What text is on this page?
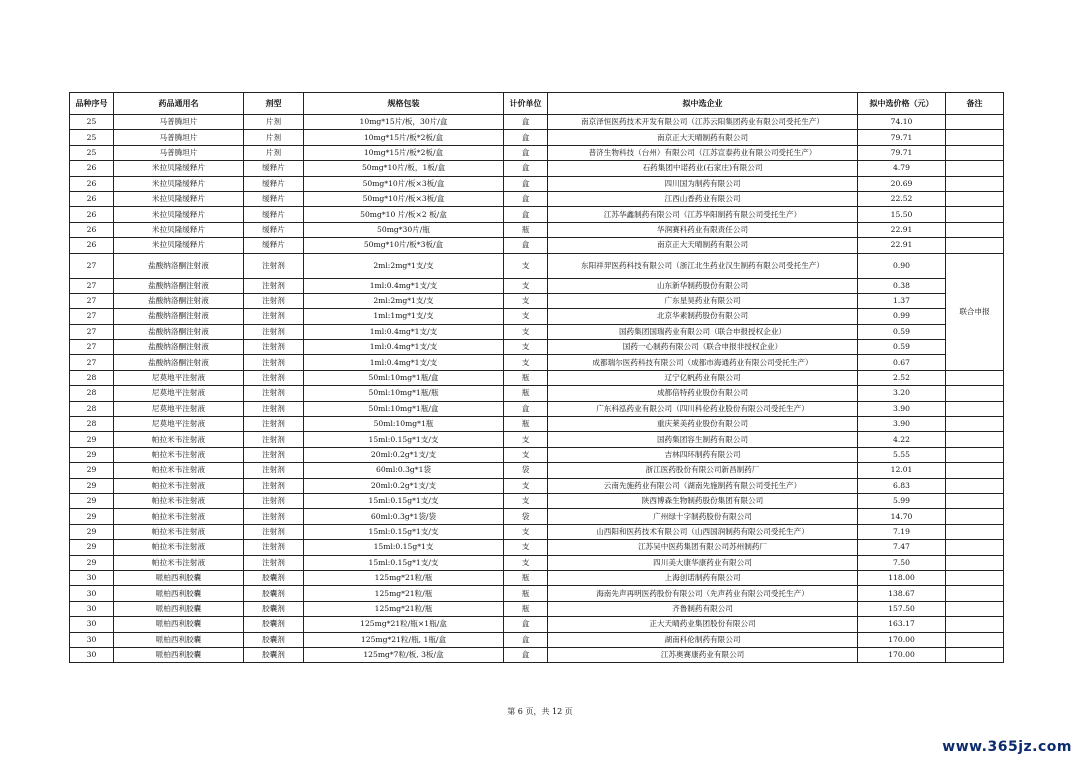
品种序号	药品通用名	剂型	规格包装	计价单位	拟中选企业	拟中选价格（元）	备注
25	马普腾坦片	片剂	10mg*15片/板，30片/盒	盒	南京泽恒医药技术开发有限公司（江苏云阳集团药业有限公司受托生产）	74.10	
25	马普腾坦片	片剂	10mg*15片/板*2板/盒	盒	南京正大天晴制药有限公司	79.71	
25	马普腾坦片	片剂	10mg*15片/板*2板/盒	盒	普济生物科技（台州）有限公司（江苏宣泰药业有限公司受托生产）	79.71	
26	米拉贝隆缓释片	缓释片	50mg*10片/板，1板/盒	盒	石药集团中诺药业(石家庄)有限公司	4.79	
26	米拉贝隆缓释片	缓释片	50mg*10片/板×3板/盒	盒	四川国为制药有限公司	20.69	
26	米拉贝隆缓释片	缓释片	50mg*10片/板×3板/盒	盒	江西山香药业有限公司	22.52	
26	米拉贝隆缓释片	缓释片	50mg*10 片/板×2 板/盒	盒	江苏华鑫制药有限公司（江苏华阳制药有限公司受托生产）	15.50	
26	米拉贝隆缓释片	缓释片	50mg*30片/瓶	瓶	华润赛科药业有限责任公司	22.91	
26	米拉贝隆缓释片	缓释片	50mg*10片/板*3板/盒	盒	南京正大天晴制药有限公司	22.91	
27	盐酸纳洛酮注射液	注射剂	2ml:2mg*1支/支	支	东阳祥羿医药科技有限公司（浙江北生药业汉生制药有限公司受托生产）	0.90	联合申报
27	盐酸纳洛酮注射液	注射剂	1ml:0.4mg*1支/支	支	山东新华制药股份有限公司	0.38	
27	盐酸纳洛酮注射液	注射剂	2ml:2mg*1支/支	支	广东星昊药业有限公司	1.37	
27	盐酸纳洛酮注射液	注射剂	1ml:1mg*1支/支	支	北京华素制药股份有限公司	0.99	
27	盐酸纳洛酮注射液	注射剂	1ml:0.4mg*1支/支	支	国药集团国瑞药业有限公司（联合申报授权企业）	0.59	
27	盐酸纳洛酮注射液	注射剂	1ml:0.4mg*1支/支	支	国药一心制药有限公司（联合申报非授权企业）	0.59	
27	盐酸纳洛酮注射液	注射剂	1ml:0.4mg*1支/支	支	成都瑞尔医药科技有限公司（成都市海通药业有限公司受托生产）	0.67	
28	尼莫地平注射液	注射剂	50ml:10mg*1瓶/盒	瓶	辽宁亿帆药业有限公司	2.52	
28	尼莫地平注射液	注射剂	50ml:10mg*1瓶/瓶	瓶	成都倍特药业股份有限公司	3.20	
28	尼莫地平注射液	注射剂	50ml:10mg*1瓶/盒	盒	广东科泓药业有限公司（四川科伦药业股份有限公司受托生产）	3.90	
28	尼莫地平注射液	注射剂	50ml:10mg*1瓶	瓶	重庆莱美药业股份有限公司	3.90	
29	帕拉米韦注射液	注射剂	15ml:0.15g*1支/支	支	国药集团容生制药有限公司	4.22	
29	帕拉米韦注射液	注射剂	20ml:0.2g*1支/支	支	吉林四环制药有限公司	5.55	
29	帕拉米韦注射液	注射剂	60ml:0.3g*1袋	袋	浙江医药股份有限公司新昌制药厂	12.01	
29	帕拉米韦注射液	注射剂	20ml:0.2g*1支/支	支	云南先施药业有限公司（湖南先施制药有限公司受托生产）	6.83	
29	帕拉米韦注射液	注射剂	15ml:0.15g*1支/支	支	陕西博森生物制药股份集团有限公司	5.99	
29	帕拉米韦注射液	注射剂	60ml:0.3g*1袋/袋	袋	广州绿十字制药股份有限公司	14.70	
29	帕拉米韦注射液	注射剂	15ml:0.15g*1支/支	支	山西阳和医药技术有限公司（山西国润制药有限公司受托生产）	7.19	
29	帕拉米韦注射液	注射剂	15ml:0.15g*1支	支	江苏吴中医药集团有限公司苏州制药厂	7.47	
29	帕拉米韦注射液	注射剂	15ml:0.15g*1支/支	支	四川美大康华康药业有限公司	7.50	
30	哌柏西利胶囊	胶囊剂	125mg*21粒/瓶	瓶	上海创诺制药有限公司	118.00	
30	哌柏西利胶囊	胶囊剂	125mg*21粒/瓶	瓶	海南先声再明医药股份有限公司（先声药业有限公司受托生产）	138.67	
30	哌柏西利胶囊	胶囊剂	125mg*21粒/瓶	瓶	齐鲁制药有限公司	157.50	
30	哌柏西利胶囊	胶囊剂	125mg*21粒/瓶×1瓶/盒	盒	正大天晴药业集团股份有限公司	163.17	
30	哌柏西利胶囊	胶囊剂	125mg*21粒/瓶, 1瓶/盒	盒	湖南科伦制药有限公司	170.00	
30	哌柏西利胶囊	胶囊剂	125mg*7粒/板, 3板/盒	盒	江苏奥赛康药业有限公司	170.00	
第 6 页，共 12 页
www.365jz.com
